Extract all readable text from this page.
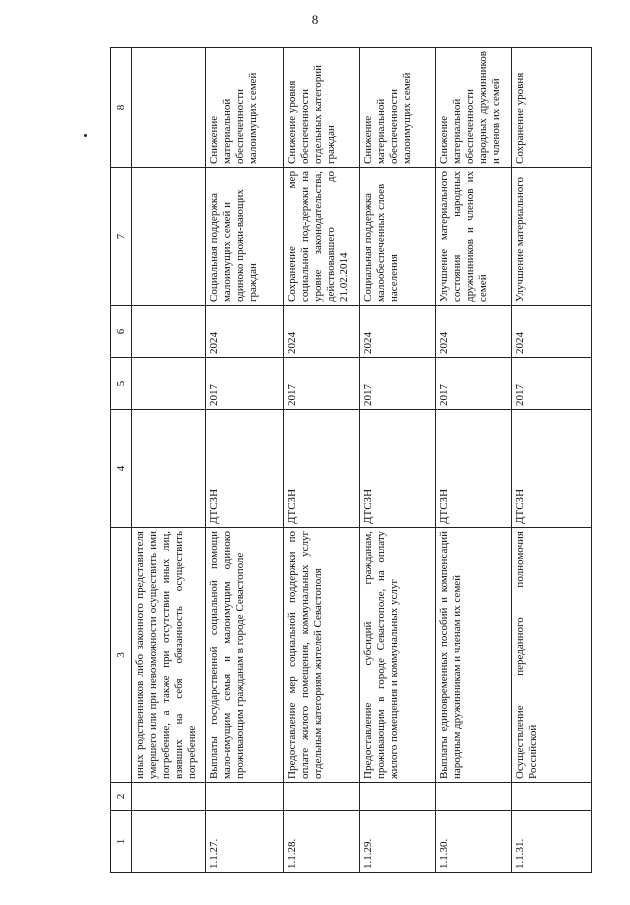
8
1	2	3	4	5	6	7	8
		иных родственников либо законного представителя умершего или при невозможности осуществить ими погребение, а также при отсутствии иных лиц, взявших на себя обязанность осуществить погребение					
1.1.27.		Выплаты государственной социальной помощи мало-имущим семья и малоимущим одиноко проживающим гражданам в городе Севастополе	ДТСЗН	2017	2024	Социальная поддержка малоимущих семей и одиноко прожи-вающих граждан	Снижение материальной обеспеченности малоимущих семей
1.1.28.		Предоставление мер социальной поддержки по оплате жилого помещения, коммунальных услуг отдельным категориям жителей Севастополя	ДТСЗН	2017	2024	Сохранение мер социальной под-держки на уровне законодательства, действовавшего до 21.02.2014	Снижение уровня обеспеченности отдельных категорий граждан
1.1.29.		Предоставление субсидий гражданам, проживающим в городе Севастополе, на оплату жилого помещения и коммунальных услуг	ДТСЗН	2017	2024	Социальная поддержка малообеспеченных слоев населения	Снижение материальной обеспеченности малоимущих семей
1.1.30.		Выплаты единовременных пособий и компенсаций народным дружинникам и членам их семей	ДТСЗН	2017	2024	Улучшение материального состояния народных дружинников и членов их семей	Снижение материальной обеспеченности народных дружинников и членов их семей
1.1.31.		Осуществление переданного полномочия Российской	ДТСЗН	2017	2024	Улучшение материального	Сохранение уровня
